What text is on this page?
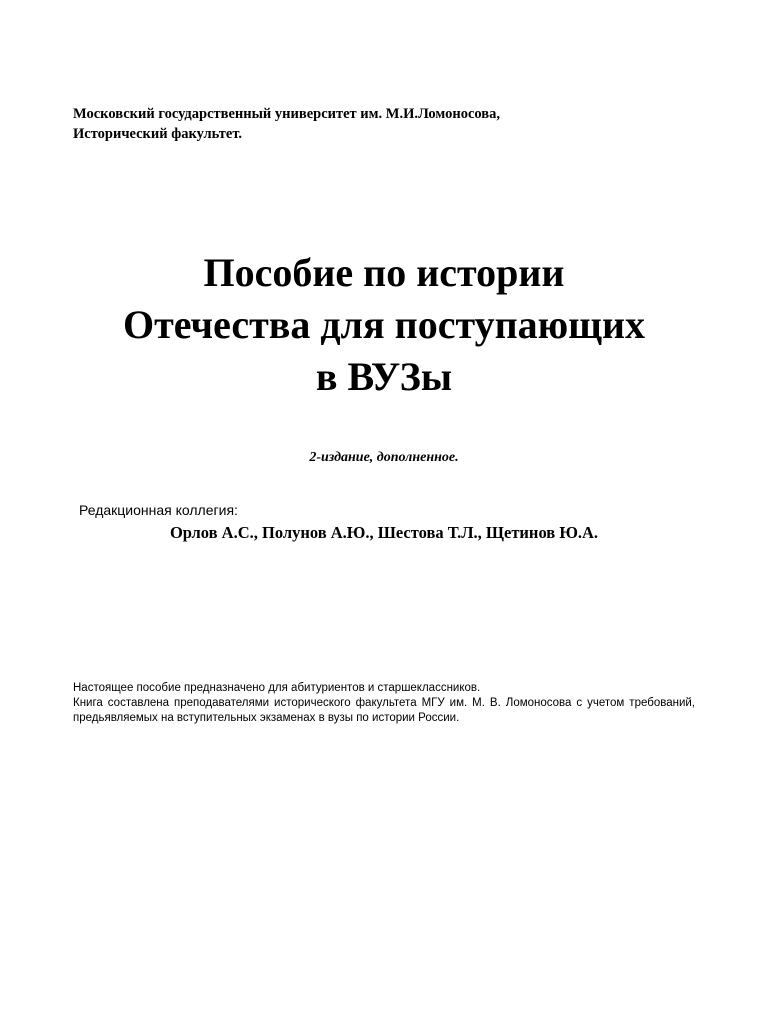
Московский государственный университет им. М.И.Ломоносова,
Исторический факультет.
Пособие по истории
Отечества для поступающих
в ВУЗы
2-издание, дополненное.
Редакционная коллегия:
Орлов А.С., Полунов А.Ю., Шестова Т.Л., Щетинов Ю.А.
Настоящее пособие предназначено для абитуриентов и старшеклассников.
Книга составлена преподавателями исторического факультета МГУ им. М. В. Ломоносова с учетом требований, предьявляемых на вступительных экзаменах в вузы по истории России.
